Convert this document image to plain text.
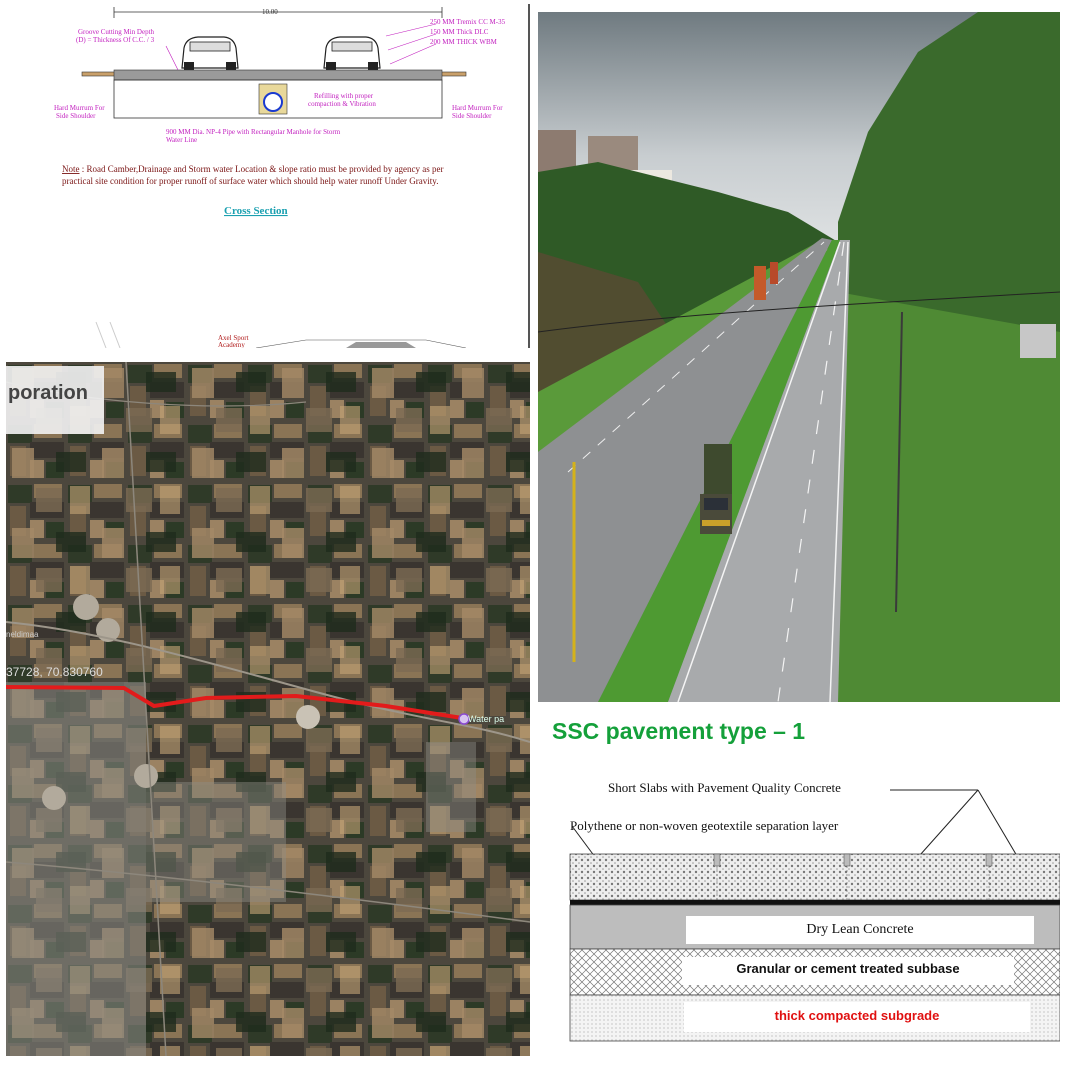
10.00
Groove Cutting Min Depth (D) = Thickness Of C.C. / 3
250 MM Tremix CC M-35
150 MM Thick DLC
200 MM THICK WBM
Refilling with proper compaction & Vibration
Hard Murrum For Side Shoulder
Hard Murrum For Side Shoulder
900 MM Dia. NP-4 Pipe with Rectangular Manhole for Storm Water Line
Note : Road Camber,Drainage and Storm water Location & slope ratio must be provided by agency as per practical site condition for proper runoff of surface water which should help water runoff Under Gravity.
Cross Section
Axel Sport Academy
poration
neldimaa
37728, 70.830760
Water pa SSC pavement type – 1
Short Slabs with Pavement Quality Concrete
Polythene or non-woven geotextile separation layer
Dry Lean Concrete
Granular or cement treated subbase
thick compacted subgrade
